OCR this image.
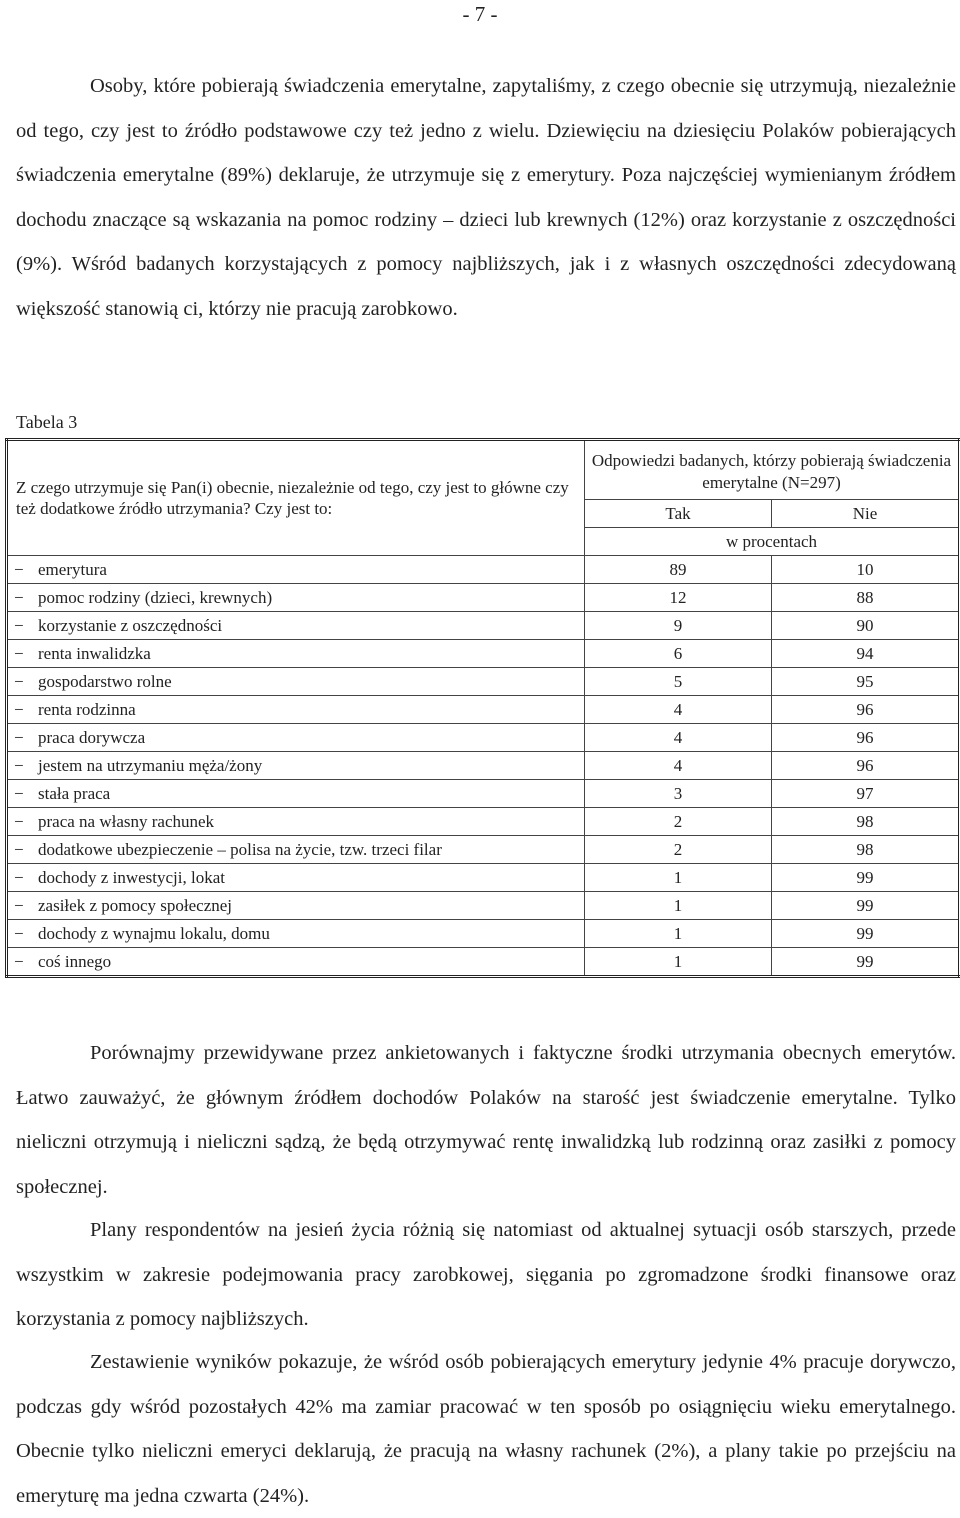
- 7 -

Osoby, które pobierają świadczenia emerytalne, zapytaliśmy, z czego obecnie się utrzymują, niezależnie od tego, czy jest to źródło podstawowe czy też jedno z wielu. Dziewięciu na dziesięciu Polaków pobierających świadczenia emerytalne (89%) deklaruje, że utrzymuje się z emerytury. Poza najczęściej wymienianym źródłem dochodu znaczące są wskazania na pomoc rodziny – dzieci lub krewnych (12%) oraz korzystanie z oszczędności (9%). Wśród badanych korzystających z pomocy najbliższych, jak i z własnych oszczędności zdecydowaną większość stanowią ci, którzy nie pracują zarobkowo.

Tabela 3
Z czego utrzymuje się Pan(i) obecnie, niezależnie od tego, czy jest to główne czy też dodatkowe źródło utrzymania? Czy jest to:	Odpowiedzi badanych, którzy pobierają świadczenia emerytalne (N=297)	
	Tak	Nie
	w procentach	
− emerytura	89	10
− pomoc rodziny (dzieci, krewnych)	12	88
− korzystanie z oszczędności	9	90
− renta inwalidzka	6	94
− gospodarstwo rolne	5	95
− renta rodzinna	4	96
− praca dorywcza	4	96
− jestem na utrzymaniu męża/żony	4	96
− stała praca	3	97
− praca na własny rachunek	2	98
− dodatkowe ubezpieczenie – polisa na życie, tzw. trzeci filar	2	98
− dochody z inwestycji, lokat	1	99
− zasiłek z pomocy społecznej	1	99
− dochody z wynajmu lokalu, domu	1	99
− coś innego	1	99

Porównajmy przewidywane przez ankietowanych i faktyczne środki utrzymania obecnych emerytów. Łatwo zauważyć, że głównym źródłem dochodów Polaków na starość jest świadczenie emerytalne. Tylko nieliczni otrzymują i nieliczni sądzą, że będą otrzymywać rentę inwalidzką lub rodzinną oraz zasiłki z pomocy społecznej.

Plany respondentów na jesień życia różnią się natomiast od aktualnej sytuacji osób starszych, przede wszystkim w zakresie podejmowania pracy zarobkowej, sięgania po zgromadzone środki finansowe oraz korzystania z pomocy najbliższych.

Zestawienie wyników pokazuje, że wśród osób pobierających emerytury jedynie 4% pracuje dorywczo, podczas gdy wśród pozostałych 42% ma zamiar pracować w ten sposób po osiągnięciu wieku emerytalnego. Obecnie tylko nieliczni emeryci deklarują, że pracują na własny rachunek (2%), a plany takie po przejściu na emeryturę ma jedna czwarta (24%).
